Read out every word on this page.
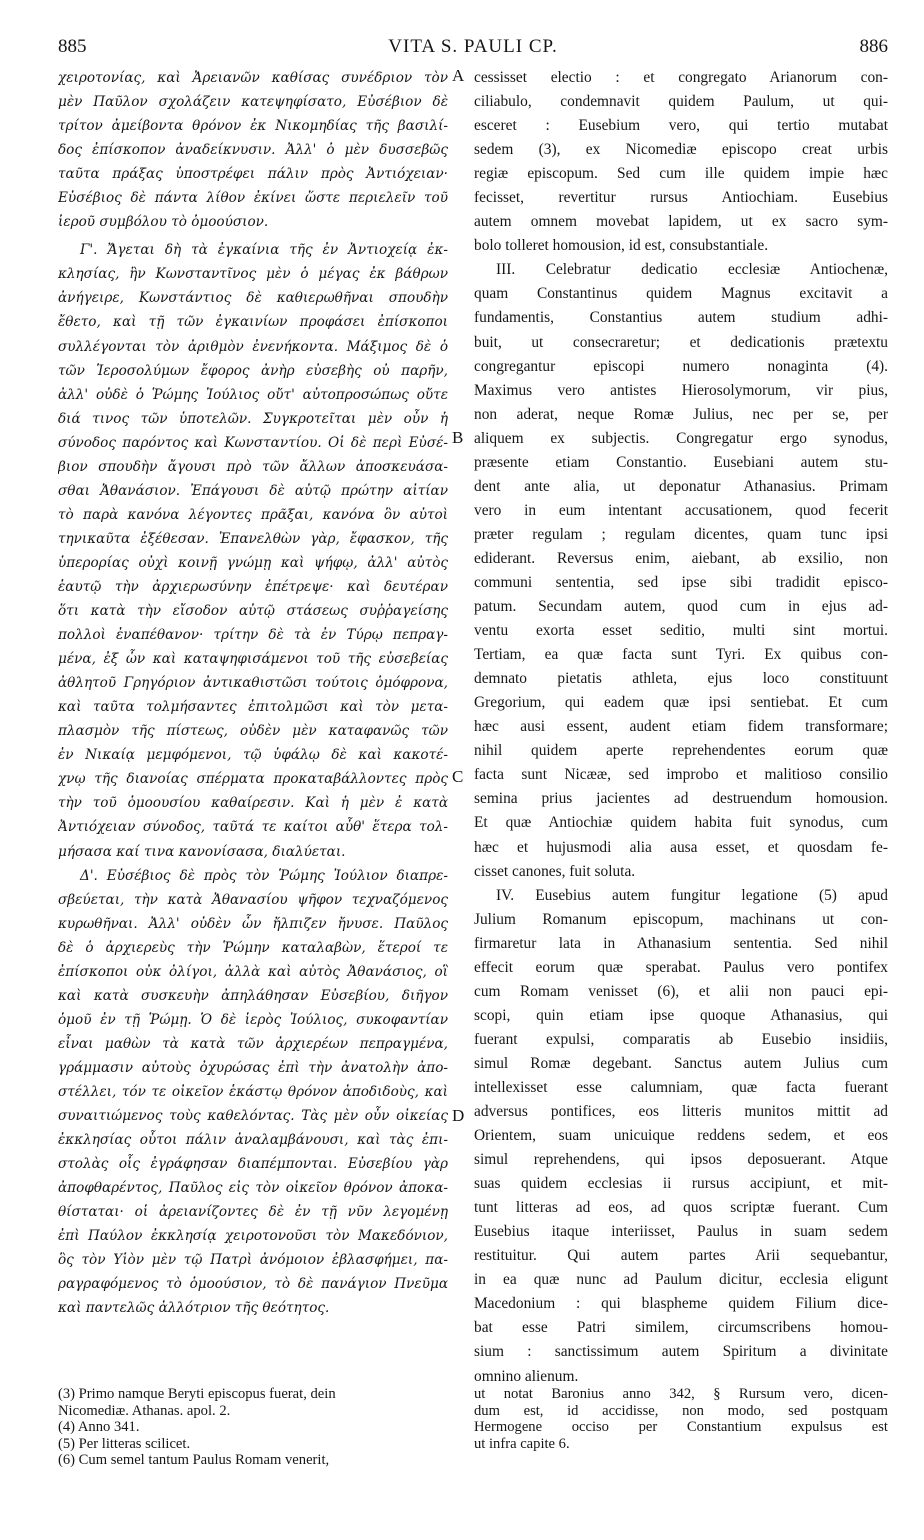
885	VITA S. PAULI CP.	886
χειροτονίας, καὶ Ἀρειανῶν καθίσας συνέδριον τὸν
μὲν Παῦλον σχολάζειν κατεψηφίσατο, Εὐσέβιον δὲ
τρίτον ἀμείβοντα θρόνον ἐκ Νικομηδίας τῆς βασιλί-
δος ἐπίσκοπον ἀναδείκνυσιν. Ἀλλ' ὁ μὲν δυσσεβῶς
ταῦτα πράξας ὑποστρέφει πάλιν πρὸς Ἀντιόχειαν·
Εὐσέβιος δὲ πάντα λίθον ἐκίνει ὥστε περιελεῖν τοῦ
ἱεροῦ συμβόλου τὸ ὁμοούσιον.
Γ'. Ἄγεται δὴ τὰ ἐγκαίνια τῆς ἐν Ἀντιοχείᾳ ἐκ-
κλησίας, ἣν Κωνσταντῖνος μὲν ὁ μέγας ἐκ βάθρων
ἀνήγειρε, Κωνστάντιος δὲ καθιερωθῆναι σπουδὴν
ἔθετο, καὶ τῇ τῶν ἐγκαινίων προφάσει ἐπίσκοποι
συλλέγονται τὸν ἀριθμὸν ἐνενήκοντα. Μάξιμος δὲ ὁ
τῶν Ἱεροσολύμων ἔφορος ἀνὴρ εὐσεβὴς οὐ παρῆν,
ἀλλ' οὐδὲ ὁ Ῥώμης Ἰούλιος οὔτ' αὐτοπροσώπως οὔτε
διά τινος τῶν ὑποτελῶν. Συγκροτεῖται μὲν οὖν ἡ
σύνοδος παρόντος καὶ Κωνσταντίου. Οἱ δὲ περὶ Εὐσέ-
βιον σπουδὴν ἄγουσι πρὸ τῶν ἄλλων ἀποσκευάσα-
σθαι Ἀθανάσιον. Ἐπάγουσι δὲ αὐτῷ πρώτην αἰτίαν
τὸ παρὰ κανόνα λέγοντες πρᾶξαι, κανόνα ὃν αὐτοὶ
τηνικαῦτα ἐξέθεσαν. Ἐπανελθὼν γὰρ, ἔφασκον, τῆς
ὑπερορίας οὐχὶ κοινῇ γνώμῃ καὶ ψήφῳ, ἀλλ' αὐτὸς
ἑαυτῷ τὴν ἀρχιερωσύνην ἐπέτρεψε· καὶ δευτέραν
ὅτι κατὰ τὴν εἴσοδον αὐτῷ στάσεως συῤῥαγείσης
πολλοὶ ἐναπέθανον· τρίτην δὲ τὰ ἐν Τύρῳ πεπραγ-
μένα, ἐξ ὧν καὶ καταψηφισάμενοι τοῦ τῆς εὐσεβείας
ἀθλητοῦ Γρηγόριον ἀντικαθιστῶσι τούτοις ὁμόφρονα,
καὶ ταῦτα τολμήσαντες ἐπιτολμῶσι καὶ τὸν μετα-
πλασμὸν τῆς πίστεως, οὐδὲν μὲν καταφανῶς τῶν
ἐν Νικαίᾳ μεμφόμενοι, τῷ ὑφάλῳ δὲ καὶ κακοτέ-
χνῳ τῆς διανοίας σπέρματα προκαταβάλλοντες πρὸς
τὴν τοῦ ὁμοουσίου καθαίρεσιν. Καὶ ἡ μὲν ἐ κατὰ
Ἀντιόχειαν σύνοδος, ταῦτά τε καίτοι αὖθ' ἕτερα τολ-
μήσασα καί τινα κανονίσασα, διαλύεται.
Δ'. Εὐσέβιος δὲ πρὸς τὸν Ῥώμης Ἰούλιον διαπρε-
σβεύεται, τὴν κατὰ Ἀθανασίου ψῆφον τεχναζόμενος
κυρωθῆναι. Ἀλλ' οὐδὲν ὧν ἤλπιζεν ἤνυσε. Παῦλος
δὲ ὁ ἀρχιερεὺς τὴν Ῥώμην καταλαβὼν, ἕτεροί τε
ἐπίσκοποι οὐκ ὀλίγοι, ἀλλὰ καὶ αὐτὸς Ἀθανάσιος, οἳ
καὶ κατὰ συσκευὴν ἀπηλάθησαν Εὐσεβίου, διῆγον
ὁμοῦ ἐν τῇ Ῥώμῃ. Ὁ δὲ ἱερὸς Ἰούλιος, συκοφαντίαν
εἶναι μαθὼν τὰ κατὰ τῶν ἀρχιερέων πεπραγμένα,
γράμμασιν αὐτοὺς ὀχυρώσας ἐπὶ τὴν ἀνατολὴν ἀπο-
στέλλει, τόν τε οἰκεῖον ἑκάστῳ θρόνον ἀποδιδοὺς, καὶ
συναιτιώμενος τοὺς καθελόντας. Τὰς μὲν οὖν οἰκείας
ἐκκλησίας οὗτοι πάλιν ἀναλαμβάνουσι, καὶ τὰς ἐπι-
στολὰς οἷς ἐγράφησαν διαπέμπονται. Εὐσεβίου γὰρ
ἀποφθαρέντος, Παῦλος εἰς τὸν οἰκεῖον θρόνον ἀποκα-
θίσταται· οἱ ἀρειανίζοντες δὲ ἐν τῇ νῦν λεγομένῃ
ἐπὶ Παύλον ἐκκλησίᾳ χειροτονοῦσι τὸν Μακεδόνιον,
ὃς τὸν Υἱὸν μὲν τῷ Πατρὶ ἀνόμοιον ἐβλασφήμει, πα-
ραγραφόμενος τὸ ὁμοούσιον, τὸ δὲ πανάγιον Πνεῦμα
καὶ παντελῶς ἀλλότριον τῆς θεότητος.
cessisset electio : et congregato Arianorum con-
ciliabulo, condemnavit quidem Paulum, ut qui-
esceret : Eusebium vero, qui tertio mutabat
sedem (3), ex Nicomediæ episcopo creat urbis
regiæ episcopum. Sed cum ille quidem impie hæc
fecisset, revertitur rursus Antiochiam. Eusebius
autem omnem movebat lapidem, ut ex sacro sym-
bolo tolleret homousion, id est, consubstantiale.
III. Celebratur dedicatio ecclesiæ Antiochenæ,
quam Constantinus quidem Magnus excitavit a
fundamentis, Constantius autem studium adhi-
buit, ut consecraretur; et dedicationis prætextu
congregantur episcopi numero nonaginta (4).
Maximus vero antistes Hierosolymorum, vir pius,
non aderat, neque Romæ Julius, nec per se, per
aliquem ex subjectis. Congregatur ergo synodus,
præsente etiam Constantio. Eusebiani autem stu-
dent ante alia, ut deponatur Athanasius. Primam
vero in eum intentant accusationem, quod fecerit
præter regulam ; regulam dicentes, quam tunc ipsi
ediderant. Reversus enim, aiebant, ab exsilio, non
communi sententia, sed ipse sibi tradidit episco-
patum. Secundam autem, quod cum in ejus ad-
ventu exorta esset seditio, multi sint mortui.
Tertiam, ea quæ facta sunt Tyri. Ex quibus con-
demnato pietatis athleta, ejus loco constituunt
Gregorium, qui eadem quæ ipsi sentiebat. Et cum
hæc ausi essent, audent etiam fidem transformare;
nihil quidem aperte reprehendentes eorum quæ
facta sunt Nicææ, sed improbo et malitioso consilio
semina prius jacientes ad destruendum homousion.
Et quæ Antiochiæ quidem habita fuit synodus, cum
hæc et hujusmodi alia ausa esset, et quosdam fe-
cisset canones, fuit soluta.
IV. Eusebius autem fungitur legatione (5) apud
Julium Romanum episcopum, machinans ut con-
firmaretur lata in Athanasium sententia. Sed nihil
effecit eorum quæ sperabat. Paulus vero pontifex
cum Romam venisset (6), et alii non pauci epi-
scopi, quin etiam ipse quoque Athanasius, qui
fuerant expulsi, comparatis ab Eusebio insidiis,
simul Romæ degebant. Sanctus autem Julius cum
intellexisset esse calumniam, quæ facta fuerant
adversus pontifices, eos litteris munitos mittit ad
Orientem, suam unicuique reddens sedem, et eos
simul reprehendens, qui ipsos deposuerant. Atque
suas quidem ecclesias ii rursus accipiunt, et mit-
tunt litteras ad eos, ad quos scriptæ fuerant. Cum
Eusebius itaque interiisset, Paulus in suam sedem
restituitur. Qui autem partes Arii sequebantur,
in ea quæ nunc ad Paulum dicitur, ecclesia eligunt
Macedonium : qui blaspheme quidem Filium dice-
bat esse Patri similem, circumscribens homou-
sium : sanctissimum autem Spiritum a divinitate
omnino alienum.
A
B
C
D
(3) Primo namque Beryti episcopus fuerat, dein
Nicomediæ. Athanas. apol. 2.
(4) Anno 341.
(5) Per litteras scilicet.
(6) Cum semel tantum Paulus Romam venerit,
ut notat Baronius anno 342, § Rursum vero, dicen-
dum est, id accidisse, non modo, sed postquam
Hermogene occiso per Constantium expulsus est
ut infra capite 6.
